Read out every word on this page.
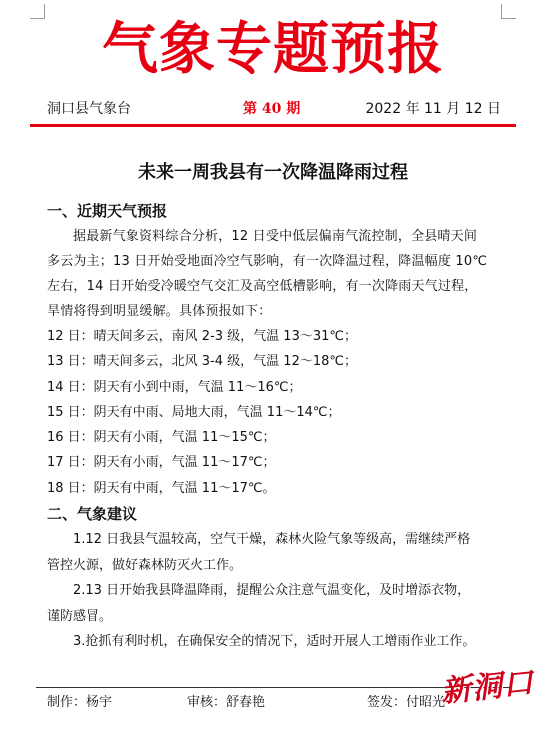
气象专题预报
洞口县气象台	第 40 期	2022 年 11 月 12 日
未来一周我县有一次降温降雨过程
一、近期天气预报
据最新气象资料综合分析，12 日受中低层偏南气流控制，全县晴天间
多云为主；13 日开始受地面冷空气影响，有一次降温过程，降温幅度 10℃
左右，14 日开始受冷暖空气交汇及高空低槽影响，有一次降雨天气过程，
旱情将得到明显缓解。具体预报如下：
12 日：晴天间多云，南风 2-3 级，气温 13～31℃；
13 日：晴天间多云，北风 3-4 级，气温 12～18℃；
14 日：阴天有小到中雨，气温 11～16℃；
15 日：阴天有中雨、局地大雨，气温 11～14℃；
16 日：阴天有小雨，气温 11～15℃；
17 日：阴天有小雨，气温 11～17℃；
18 日：阴天有中雨，气温 11～17℃。
二、气象建议
1.12 日我县气温较高，空气干燥，森林火险气象等级高，需继续严格
管控火源，做好森林防灭火工作。
2.13 日开始我县降温降雨，提醒公众注意气温变化，及时增添衣物，
谨防感冒。
3.抢抓有利时机，在确保安全的情况下，适时开展人工增雨作业工作。
制作：杨宇	审核：舒春艳	签发：付昭光
新洞口
